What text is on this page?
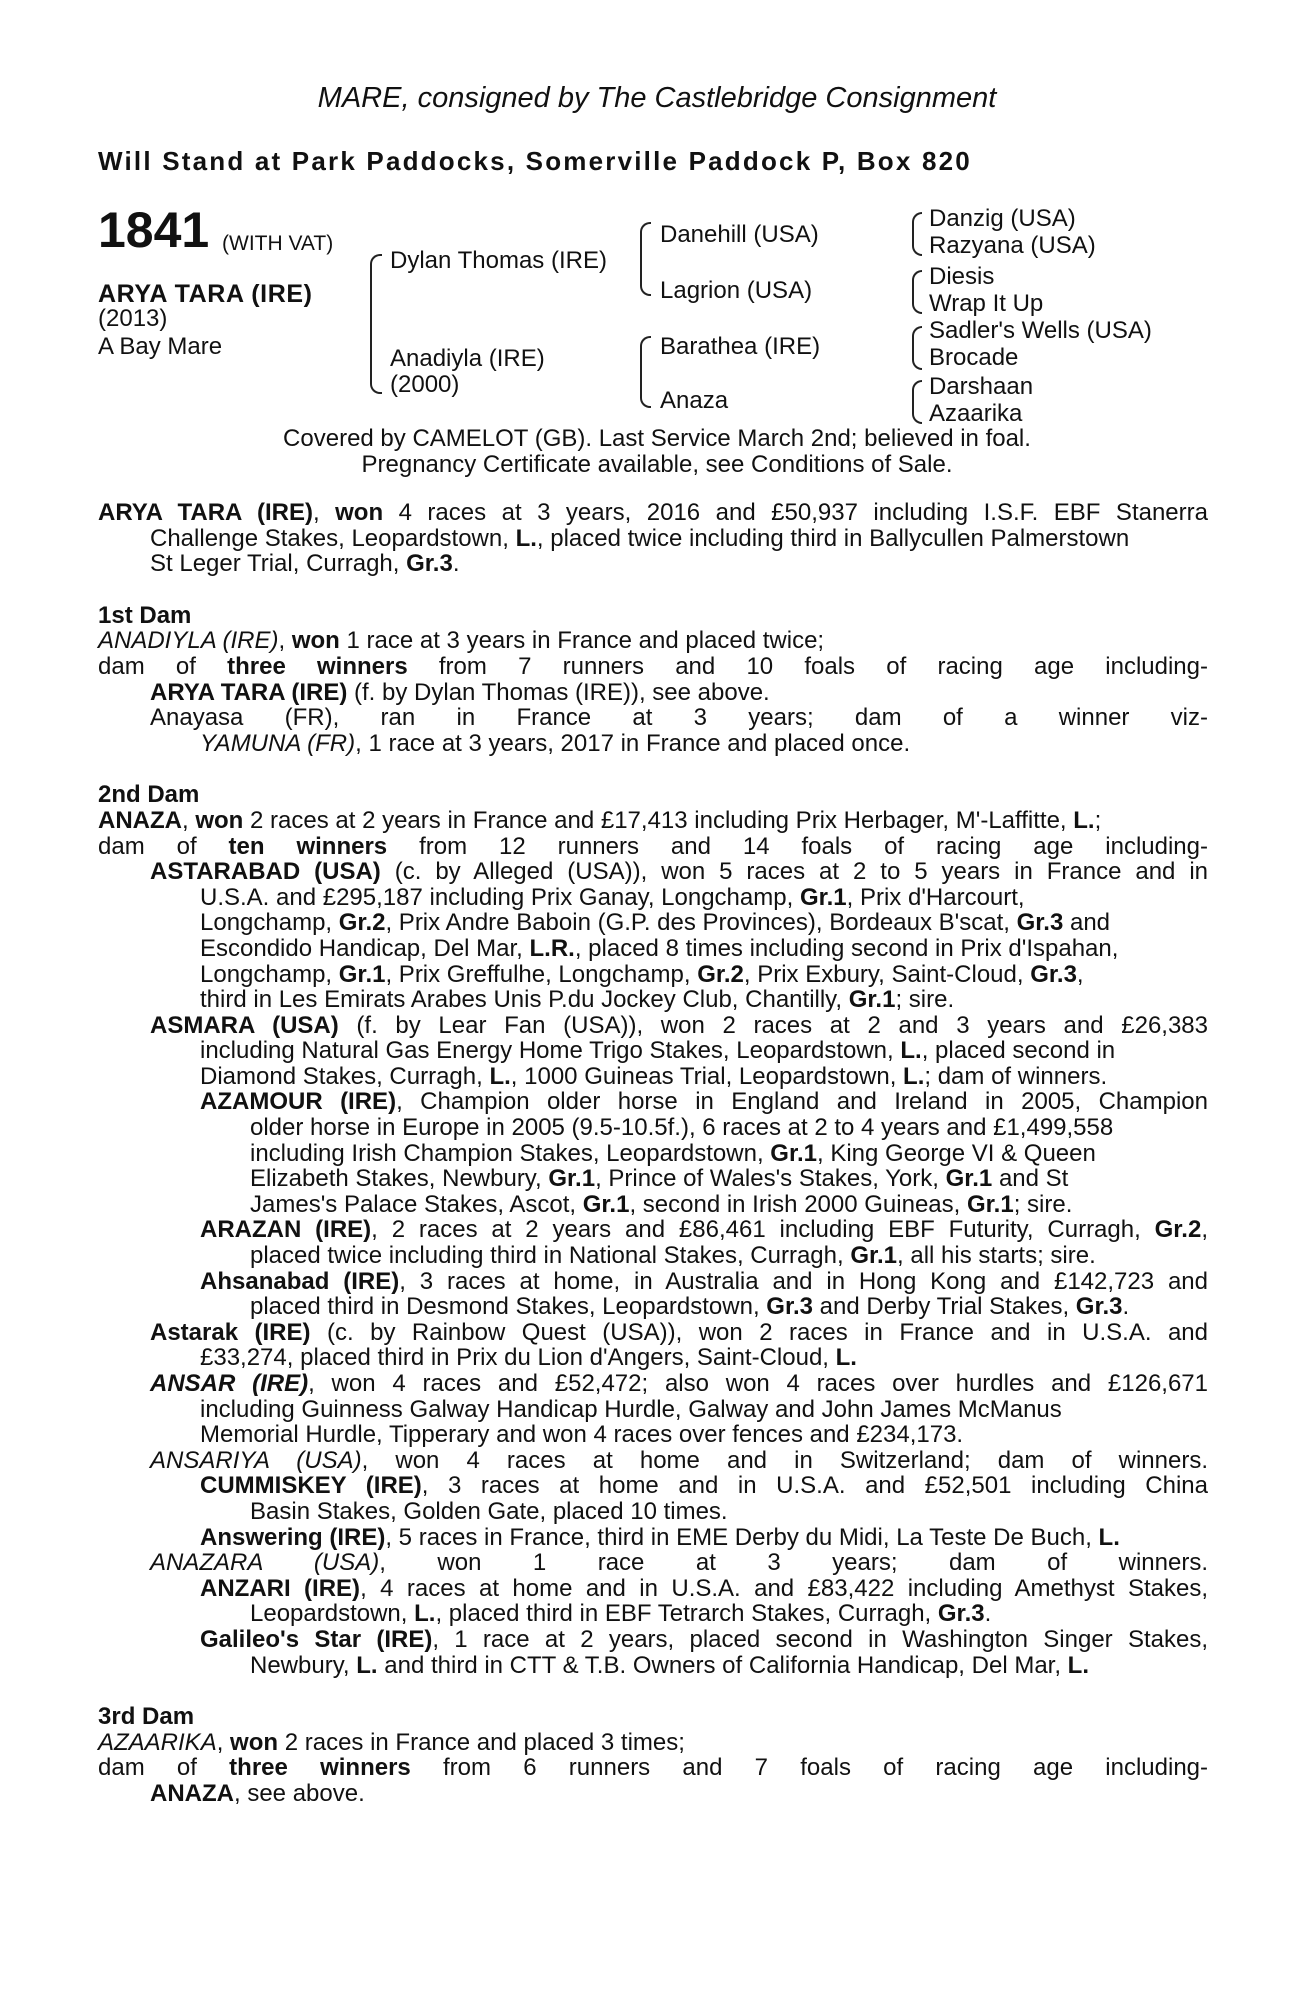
MARE, consigned by The Castlebridge Consignment
Will Stand at Park Paddocks, Somerville Paddock P, Box 820
1841 (WITH VAT)
ARYA TARA (IRE)
(2013)
A Bay Mare
Dylan Thomas (IRE)
Anadiyla (IRE)
(2000)
Danehill (USA)
Lagrion (USA)
Barathea (IRE)
Anaza
Danzig (USA)
Razyana (USA)
Diesis
Wrap It Up
Sadler's Wells (USA)
Brocade
Darshaan
Azaarika
Covered by CAMELOT (GB). Last Service March 2nd; believed in foal.
Pregnancy Certificate available, see Conditions of Sale.
ARYA TARA (IRE), won 4 races at 3 years, 2016 and £50,937 including I.S.F. EBF Stanerra
Challenge Stakes, Leopardstown, L., placed twice including third in Ballycullen Palmerstown
St Leger Trial, Curragh, Gr.3.
1st Dam
ANADIYLA (IRE), won 1 race at 3 years in France and placed twice;
dam of three winners from 7 runners and 10 foals of racing age including-
ARYA TARA (IRE) (f. by Dylan Thomas (IRE)), see above.
Anayasa (FR), ran in France at 3 years; dam of a winner viz-
YAMUNA (FR), 1 race at 3 years, 2017 in France and placed once.
2nd Dam
ANAZA, won 2 races at 2 years in France and £17,413 including Prix Herbager, M'-Laffitte, L.;
dam of ten winners from 12 runners and 14 foals of racing age including-
ASTARABAD (USA) (c. by Alleged (USA)), won 5 races at 2 to 5 years in France and in
U.S.A. and £295,187 including Prix Ganay, Longchamp, Gr.1, Prix d'Harcourt,
Longchamp, Gr.2, Prix Andre Baboin (G.P. des Provinces), Bordeaux B'scat, Gr.3 and
Escondido Handicap, Del Mar, L.R., placed 8 times including second in Prix d'Ispahan,
Longchamp, Gr.1, Prix Greffulhe, Longchamp, Gr.2, Prix Exbury, Saint-Cloud, Gr.3,
third in Les Emirats Arabes Unis P.du Jockey Club, Chantilly, Gr.1; sire.
ASMARA (USA) (f. by Lear Fan (USA)), won 2 races at 2 and 3 years and £26,383
including Natural Gas Energy Home Trigo Stakes, Leopardstown, L., placed second in
Diamond Stakes, Curragh, L., 1000 Guineas Trial, Leopardstown, L.; dam of winners.
AZAMOUR (IRE), Champion older horse in England and Ireland in 2005, Champion
older horse in Europe in 2005 (9.5-10.5f.), 6 races at 2 to 4 years and £1,499,558
including Irish Champion Stakes, Leopardstown, Gr.1, King George VI & Queen
Elizabeth Stakes, Newbury, Gr.1, Prince of Wales's Stakes, York, Gr.1 and St
James's Palace Stakes, Ascot, Gr.1, second in Irish 2000 Guineas, Gr.1; sire.
ARAZAN (IRE), 2 races at 2 years and £86,461 including EBF Futurity, Curragh, Gr.2,
placed twice including third in National Stakes, Curragh, Gr.1, all his starts; sire.
Ahsanabad (IRE), 3 races at home, in Australia and in Hong Kong and £142,723 and
placed third in Desmond Stakes, Leopardstown, Gr.3 and Derby Trial Stakes, Gr.3.
Astarak (IRE) (c. by Rainbow Quest (USA)), won 2 races in France and in U.S.A. and
£33,274, placed third in Prix du Lion d'Angers, Saint-Cloud, L.
ANSAR (IRE), won 4 races and £52,472; also won 4 races over hurdles and £126,671
including Guinness Galway Handicap Hurdle, Galway and John James McManus
Memorial Hurdle, Tipperary and won 4 races over fences and £234,173.
ANSARIYA (USA), won 4 races at home and in Switzerland; dam of winners.
CUMMISKEY (IRE), 3 races at home and in U.S.A. and £52,501 including China
Basin Stakes, Golden Gate, placed 10 times.
Answering (IRE), 5 races in France, third in EME Derby du Midi, La Teste De Buch, L.
ANAZARA (USA), won 1 race at 3 years; dam of winners.
ANZARI (IRE), 4 races at home and in U.S.A. and £83,422 including Amethyst Stakes,
Leopardstown, L., placed third in EBF Tetrarch Stakes, Curragh, Gr.3.
Galileo's Star (IRE), 1 race at 2 years, placed second in Washington Singer Stakes,
Newbury, L. and third in CTT & T.B. Owners of California Handicap, Del Mar, L.
3rd Dam
AZAARIKA, won 2 races in France and placed 3 times;
dam of three winners from 6 runners and 7 foals of racing age including-
ANAZA, see above.
